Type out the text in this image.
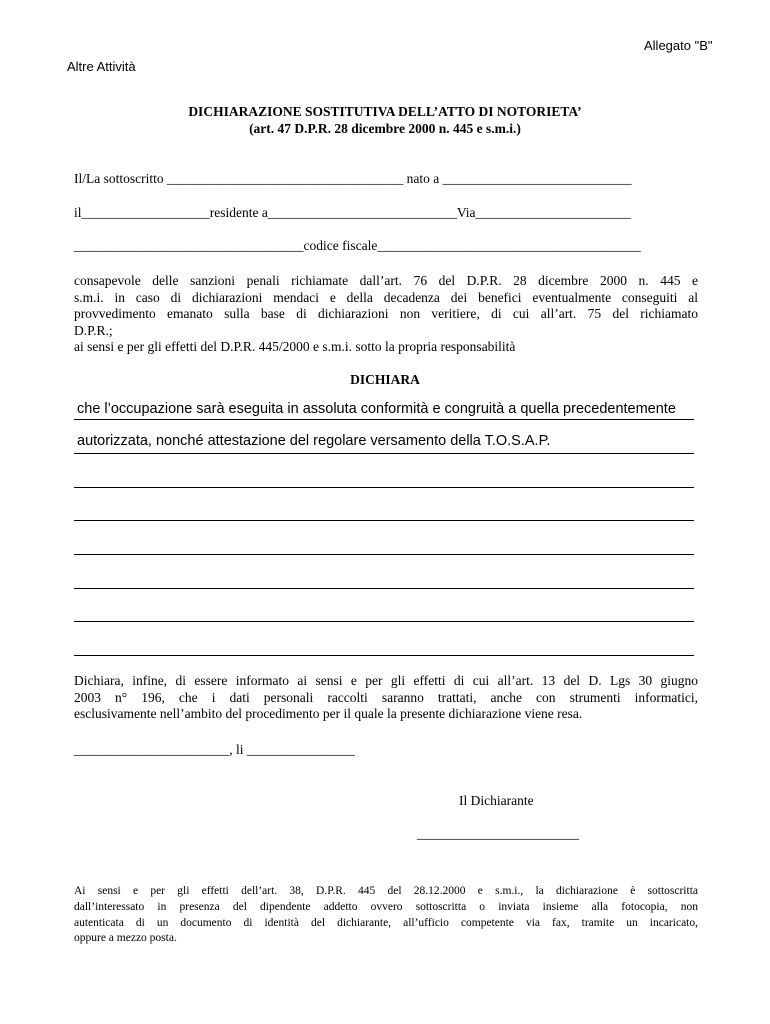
Allegato "B"
Altre Attività
DICHIARAZIONE SOSTITUTIVA DELL’ATTO DI NOTORIETA’
(art. 47 D.P.R. 28 dicembre 2000 n. 445 e s.m.i.)
Il/La sottoscritto ___________________________________ nato a ____________________________
il___________________residente a____________________________Via_______________________
__________________________________codice fiscale_______________________________________
consapevole delle sanzioni penali richiamate dall’art. 76 del D.P.R. 28 dicembre 2000 n. 445 e
s.m.i. in caso di dichiarazioni mendaci e della decadenza dei benefici eventualmente conseguiti al
provvedimento emanato sulla base di dichiarazioni non veritiere, di cui all’art. 75 del richiamato
D.P.R.;
ai sensi e per gli effetti del D.P.R. 445/2000 e s.m.i. sotto la propria responsabilità
DICHIARA
che l’occupazione sarà eseguita in assoluta conformità e congruità a quella precedentemente
autorizzata, nonché attestazione del regolare versamento della T.O.S.A.P.
Dichiara, infine, di essere informato ai sensi e per gli effetti di cui all’art. 13 del D. Lgs 30 giugno
2003 n° 196, che i dati personali raccolti saranno trattati, anche con strumenti informatici,
esclusivamente nell’ambito del procedimento per il quale la presente dichiarazione viene resa.
_______________________, li ________________
Il Dichiarante
________________________
Ai sensi e per gli effetti dell’art. 38, D.P.R. 445 del 28.12.2000 e s.m.i., la dichiarazione è sottoscritta
dall’interessato in presenza del dipendente addetto ovvero sottoscritta o inviata insieme alla fotocopia, non
autenticata di un documento di identità del dichiarante, all’ufficio competente via fax, tramite un incaricato,
oppure a mezzo posta.
